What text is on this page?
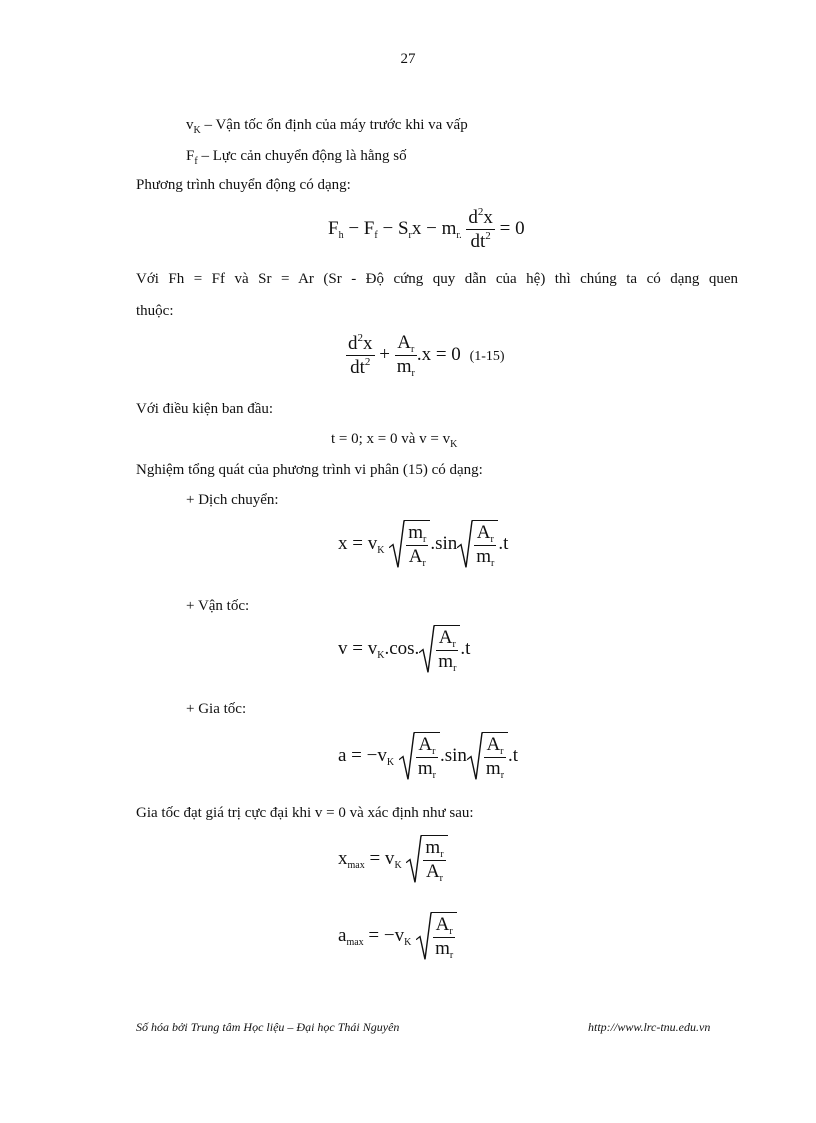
27
$v_K$ – Vận tốc ổn định của máy trước khi va vấp
$F_f$ – Lực cản chuyển động là hằng số
Phương trình chuyển động có dạng:
$F_h - F_f - S_rx - m_{r.} \frac{d^2x}{dt^2} = 0$
Với Fh = Ff và Sr = Ar (Sr - Độ cứng quy dẫn của hệ) thì chúng ta có dạng quen
thuộc:
$\frac{d^2x}{dt^2} + \frac{A_r}{m_r} .x = 0$ (1-15)
Với điều kiện ban đầu:
t = 0; x = 0 và $v = v_K$
Nghiệm tổng quát của phương trình vi phân (15) có dạng:
+ Dịch chuyển:
$x = v_K \frac{m_r}{A_r} .\sin \frac{A_r}{m_r} .t$
+ Vận tốc:
$v = v_K.\cos$. $\frac{A_r}{m_r} .t$
+ Gia tốc:
$a = -v_K \frac{A_r}{m_r} .\sin \frac{A_r}{m_r} .t$
Gia tốc đạt giá trị cực đại khi v = 0 và xác định như sau:
$x_{max} = v_K \frac{m_r}{A_r}$
$a_{max} = -v_K \frac{A_r}{m_r}$
Số hóa bởi Trung tâm Học liệu – Đại học Thái Nguyên	http://www.lrc-tnu.edu.vn
